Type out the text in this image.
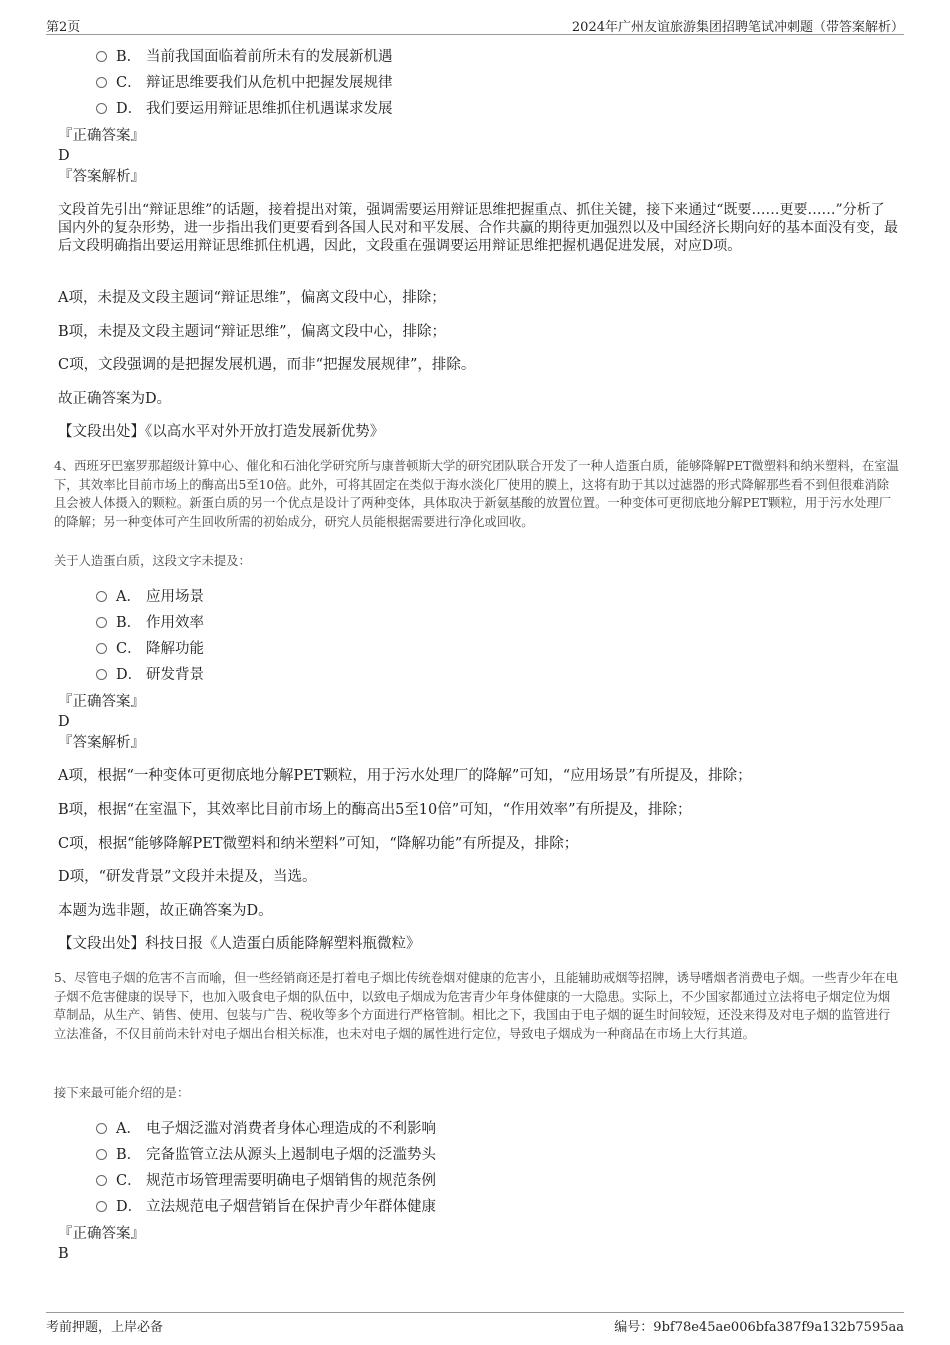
第2页	2024年广州友谊旅游集团招聘笔试冲刺题（带答案解析）
B． 当前我国面临着前所未有的发展新机遇
C． 辩证思维要我们从危机中把握发展规律
D． 我们要运用辩证思维抓住机遇谋求发展
『正确答案』
D
『答案解析』
文段首先引出“辩证思维”的话题，接着提出对策，强调需要运用辩证思维把握重点、抓住关键，接下来通过“既要……更要……”分析了国内外的复杂形势，进一步指出我们更要看到各国人民对和平发展、合作共赢的期待更加强烈以及中国经济长期向好的基本面没有变，最后文段明确指出要运用辩证思维抓住机遇，因此，文段重在强调要运用辩证思维把握机遇促进发展，对应D项。
A项，未提及文段主题词“辩证思维”，偏离文段中心，排除；
B项，未提及文段主题词“辩证思维”，偏离文段中心，排除；
C项，文段强调的是把握发展机遇，而非“把握发展规律”，排除。
故正确答案为D。
【文段出处】《以高水平对外开放打造发展新优势》
4、西班牙巴塞罗那超级计算中心、催化和石油化学研究所与康普顿斯大学的研究团队联合开发了一种人造蛋白质，能够降解PET微塑料和纳米塑料，在室温下，其效率比目前市场上的酶高出5至10倍。此外，可将其固定在类似于海水淡化厂使用的膜上，这将有助于其以过滤器的形式降解那些看不到但很难消除且会被人体摄入的颗粒。新蛋白质的另一个优点是设计了两种变体，具体取决于新氨基酸的放置位置。一种变体可更彻底地分解PET颗粒，用于污水处理厂的降解；另一种变体可产生回收所需的初始成分，研究人员能根据需要进行净化或回收。
关于人造蛋白质，这段文字未提及：
A． 应用场景
B． 作用效率
C． 降解功能
D． 研发背景
『正确答案』
D
『答案解析』
A项，根据“一种变体可更彻底地分解PET颗粒，用于污水处理厂的降解”可知，“应用场景”有所提及，排除；
B项，根据“在室温下，其效率比目前市场上的酶高出5至10倍”可知，“作用效率”有所提及，排除；
C项，根据“能够降解PET微塑料和纳米塑料”可知，“降解功能”有所提及，排除；
D项，“研发背景”文段并未提及，当选。
本题为选非题，故正确答案为D。
【文段出处】科技日报《人造蛋白质能降解塑料瓶微粒》
5、尽管电子烟的危害不言而喻，但一些经销商还是打着电子烟比传统卷烟对健康的危害小，且能辅助戒烟等招牌，诱导嗜烟者消费电子烟。一些青少年在电子烟不危害健康的误导下，也加入吸食电子烟的队伍中，以致电子烟成为危害青少年身体健康的一大隐患。实际上，不少国家都通过立法将电子烟定位为烟草制品，从生产、销售、使用、包装与广告、税收等多个方面进行严格管制。相比之下，我国由于电子烟的诞生时间较短，还没来得及对电子烟的监管进行立法准备，不仅目前尚未针对电子烟出台相关标准，也未对电子烟的属性进行定位，导致电子烟成为一种商品在市场上大行其道。
接下来最可能介绍的是：
A． 电子烟泛滥对消费者身体心理造成的不利影响
B． 完备监管立法从源头上遏制电子烟的泛滥势头
C． 规范市场管理需要明确电子烟销售的规范条例
D． 立法规范电子烟营销旨在保护青少年群体健康
『正确答案』
B
考前押题，上岸必备	编号：9bf78e45ae006bfa387f9a132b7595aa
